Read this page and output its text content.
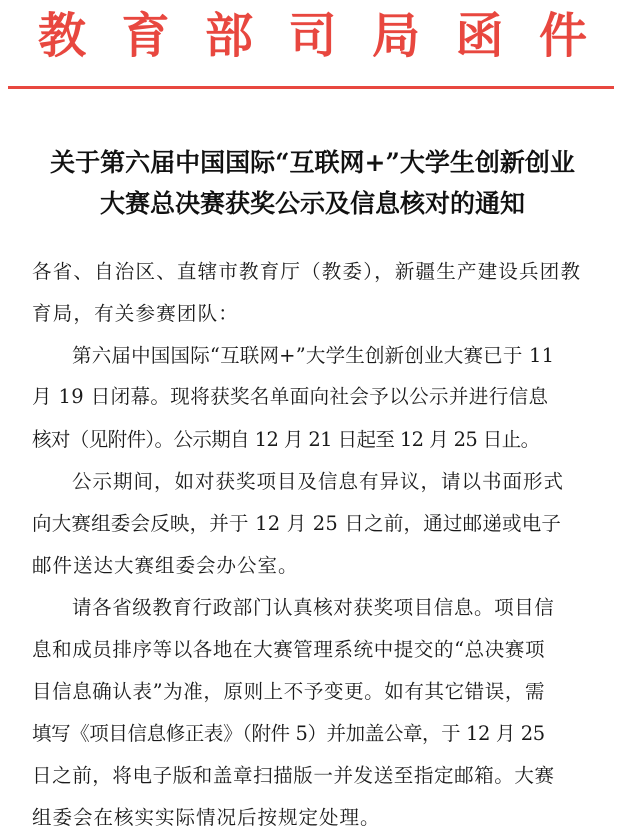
教 育 部 司 局 函 件
关于第六届中国国际“互联网+”大学生创新创业
大赛总决赛获奖公示及信息核对的通知
各省、自治区、直辖市教育厅（教委），新疆生产建设兵团教
育局，有关参赛团队：
第六届中国国际“互联网+”大学生创新创业大赛已于 11
月 19 日闭幕。现将获奖名单面向社会予以公示并进行信息
核对（见附件）。公示期自 12 月 21 日起至 12 月 25 日止。
公示期间，如对获奖项目及信息有异议，请以书面形式
向大赛组委会反映，并于 12 月 25 日之前，通过邮递或电子
邮件送达大赛组委会办公室。
请各省级教育行政部门认真核对获奖项目信息。项目信
息和成员排序等以各地在大赛管理系统中提交的“总决赛项
目信息确认表”为准，原则上不予变更。如有其它错误，需
填写《项目信息修正表》（附件 5）并加盖公章，于 12 月 25
日之前，将电子版和盖章扫描版一并发送至指定邮箱。大赛
组委会在核实实际情况后按规定处理。
